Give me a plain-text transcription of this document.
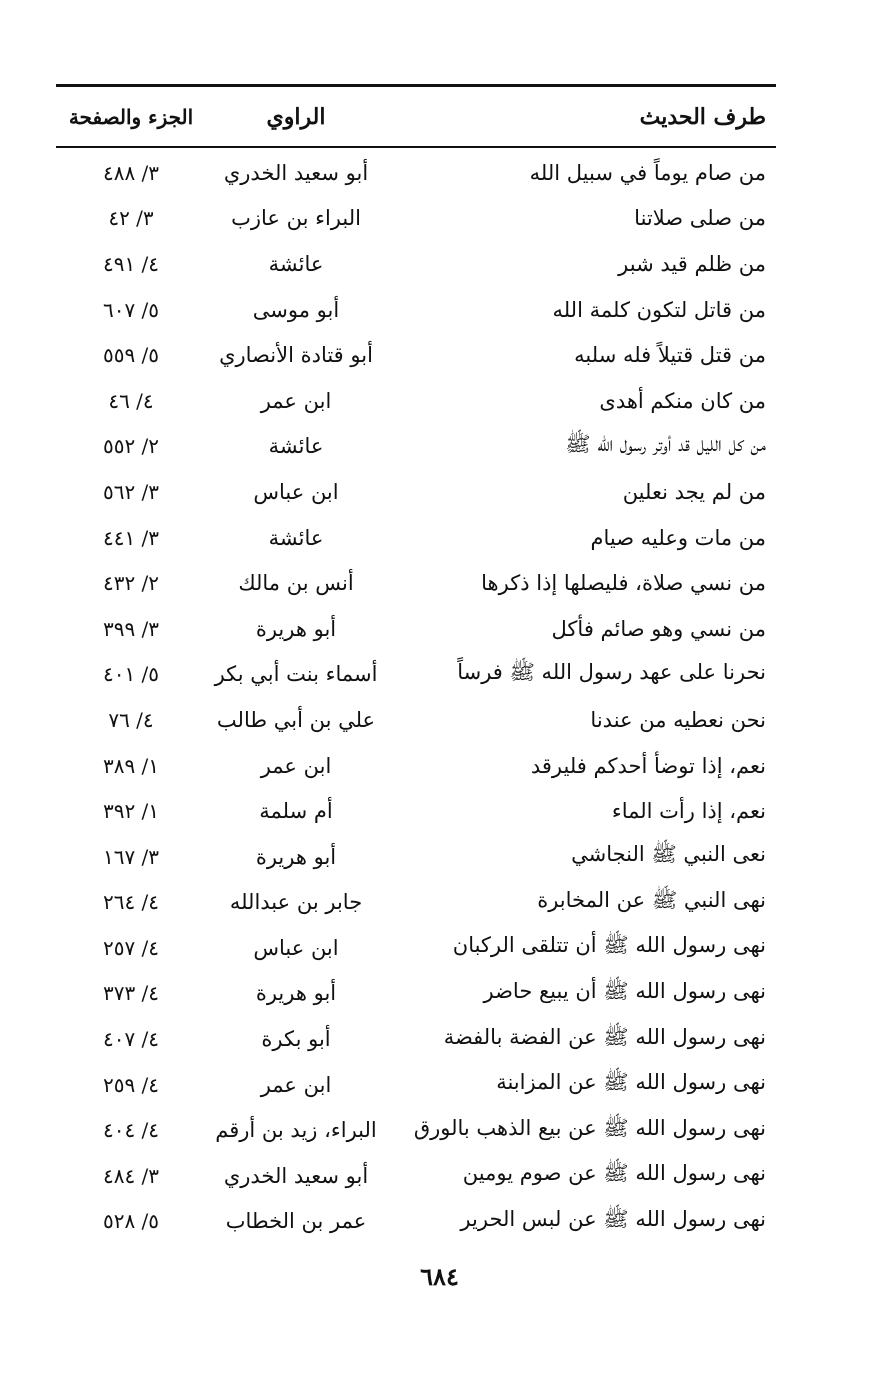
طرف الحديث
الراوي
الجزء والصفحة
من صام يوماً في سبيل الله
أبو سعيد الخدري
٣/ ٤٨٨
من صلى صلاتنا
البراء بن عازب
٣/ ٤٢
من ظلم قيد شبر
عائشة
٤/ ٤٩١
من قاتل لتكون كلمة الله
أبو موسى
٥/ ٦٠٧
من قتل قتيلاً فله سلبه
أبو قتادة الأنصاري
٥/ ٥٥٩
من كان منكم أهدى
ابن عمر
٤/ ٤٦
من كل الليل قد أوتر رسول الله ﷺ
عائشة
٢/ ٥٥٢
من لم يجد نعلين
ابن عباس
٣/ ٥٦٢
من مات وعليه صيام
عائشة
٣/ ٤٤١
من نسي صلاة، فليصلها إذا ذكرها
أنس بن مالك
٢/ ٤٣٢
من نسي وهو صائم فأكل
أبو هريرة
٣/ ٣٩٩
نحرنا على عهد رسول الله ﷺ فرساً
أسماء بنت أبي بكر
٥/ ٤٠١
نحن نعطيه من عندنا
علي بن أبي طالب
٤/ ٧٦
نعم، إذا توضأ أحدكم فليرقد
ابن عمر
١/ ٣٨٩
نعم، إذا رأت الماء
أم سلمة
١/ ٣٩٢
نعى النبي ﷺ النجاشي
أبو هريرة
٣/ ١٦٧
نهى النبي ﷺ عن المخابرة
جابر بن عبدالله
٤/ ٢٦٤
نهى رسول الله ﷺ أن تتلقى الركبان
ابن عباس
٤/ ٢٥٧
نهى رسول الله ﷺ أن يبيع حاضر
أبو هريرة
٤/ ٣٧٣
نهى رسول الله ﷺ عن الفضة بالفضة
أبو بكرة
٤/ ٤٠٧
نهى رسول الله ﷺ عن المزابنة
ابن عمر
٤/ ٢٥٩
نهى رسول الله ﷺ عن بيع الذهب بالورق
البراء، زيد بن أرقم
٤/ ٤٠٤
نهى رسول الله ﷺ عن صوم يومين
أبو سعيد الخدري
٣/ ٤٨٤
نهى رسول الله ﷺ عن لبس الحرير
عمر بن الخطاب
٥/ ٥٢٨
٦٨٤
